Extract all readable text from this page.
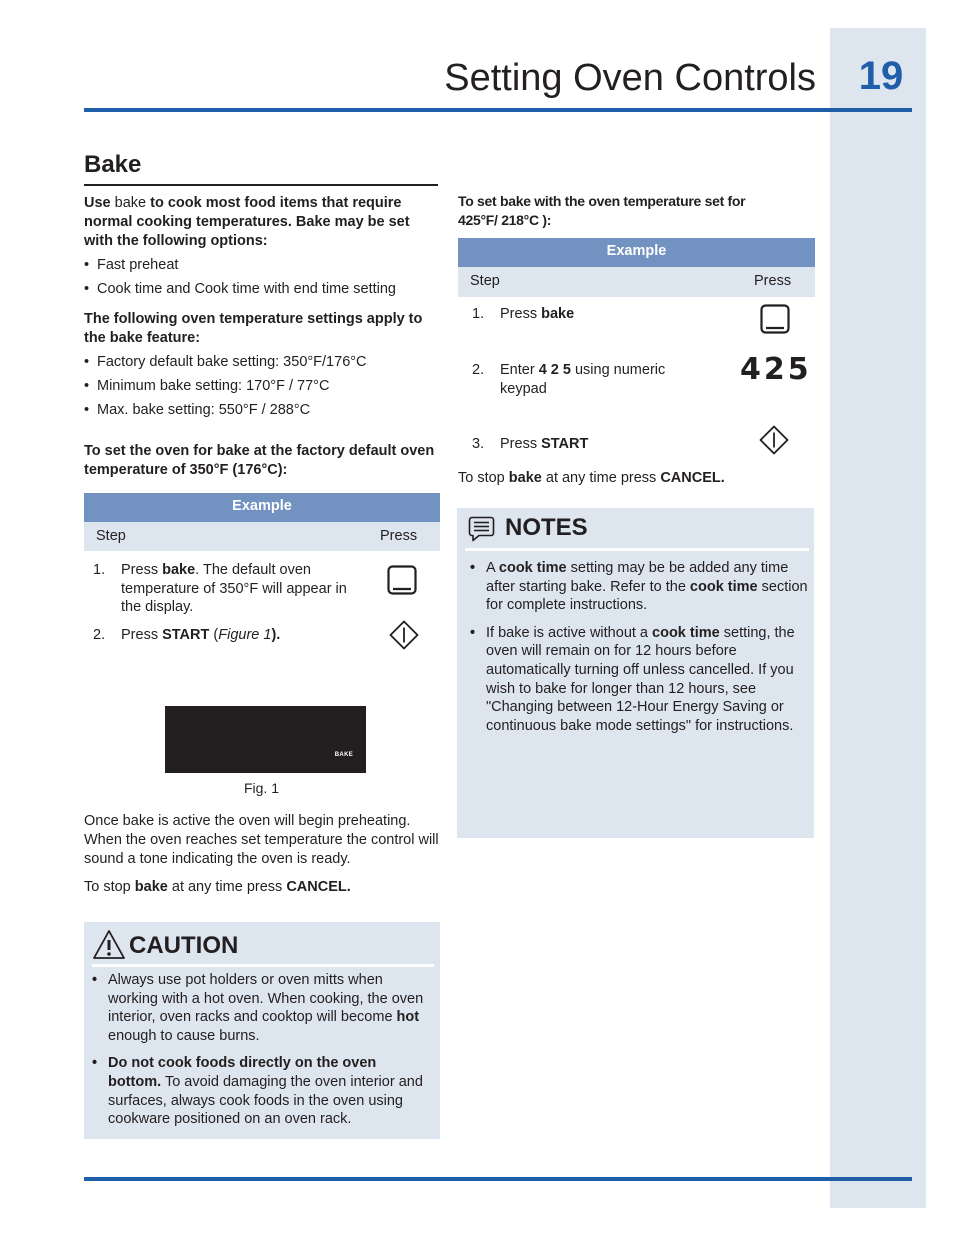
Setting Oven Controls	19
Bake
Use bake to cook most food items that require normal cooking temperatures. Bake may be set with the following options:
• Fast preheat
• Cook time and Cook time with end time setting
The following oven temperature settings apply to the bake feature:
• Factory default bake setting: 350°F/176°C
• Minimum bake setting: 170°F / 77°C
• Max. bake setting: 550°F / 288°C
To set the oven for bake at the factory default oven temperature of 350°F (176°C):
Example
Step	Press
1. Press bake. The default oven temperature of 350°F will appear in the display.
2. Press START (Figure 1).
BAKE
Fig. 1
Once bake is active the oven will begin preheating. When the oven reaches set temperature the control will sound a tone indicating the oven is ready.
To stop bake at any time press CANCEL.
CAUTION
• Always use pot holders or oven mitts when working with a hot oven. When cooking, the oven interior, oven racks and cooktop will become hot enough to cause burns.
• Do not cook foods directly on the oven bottom. To avoid damaging the oven interior and surfaces, always cook foods in the oven using cookware positioned on an oven rack.
To set bake with the oven temperature set for 425°F/ 218°C ):
Example
Step	Press
1. Press bake
2. Enter 4 2 5 using numeric keypad
425
3. Press START
To stop bake at any time press CANCEL.
NOTES
• A cook time setting may be be added any time after starting bake. Refer to the cook time section for complete instructions.
• If bake is active without a cook time setting, the oven will remain on for 12 hours before automatically turning off unless cancelled. If you wish to bake for longer than 12 hours, see "Changing between 12-Hour Energy Saving or continuous bake mode settings" for instructions.
